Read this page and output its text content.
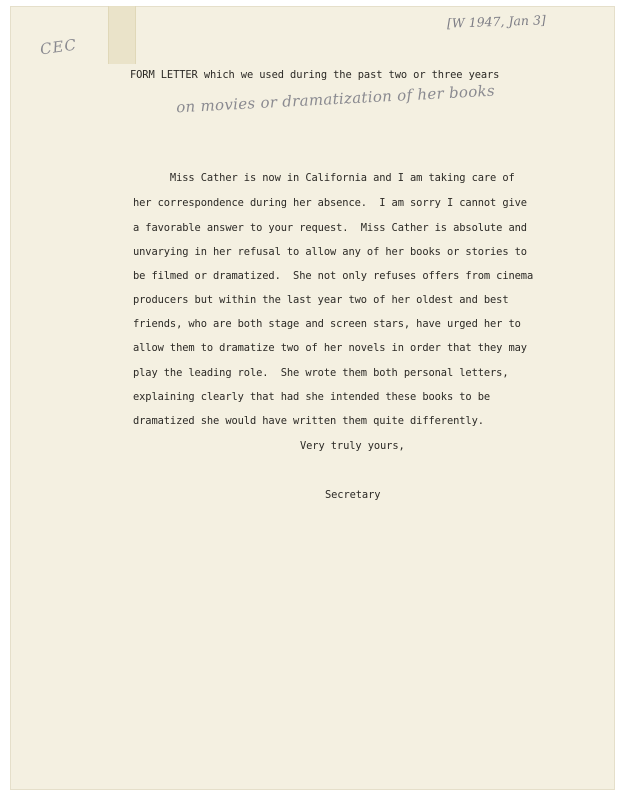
CEC
[W 1947, Jan 3]
FORM LETTER which we used during the past two or three years
on movies or dramatization of her books
Miss Cather is now in California and I am taking care of
her correspondence during her absence.  I am sorry I cannot give
a favorable answer to your request.  Miss Cather is absolute and
unvarying in her refusal to allow any of her books or stories to
be filmed or dramatized.  She not only refuses offers from cinema
producers but within the last year two of her oldest and best
friends, who are both stage and screen stars, have urged her to
allow them to dramatize two of her novels in order that they may
play the leading role.  She wrote them both personal letters,
explaining clearly that had she intended these books to be
dramatized she would have written them quite differently.
Very truly yours,
Secretary
